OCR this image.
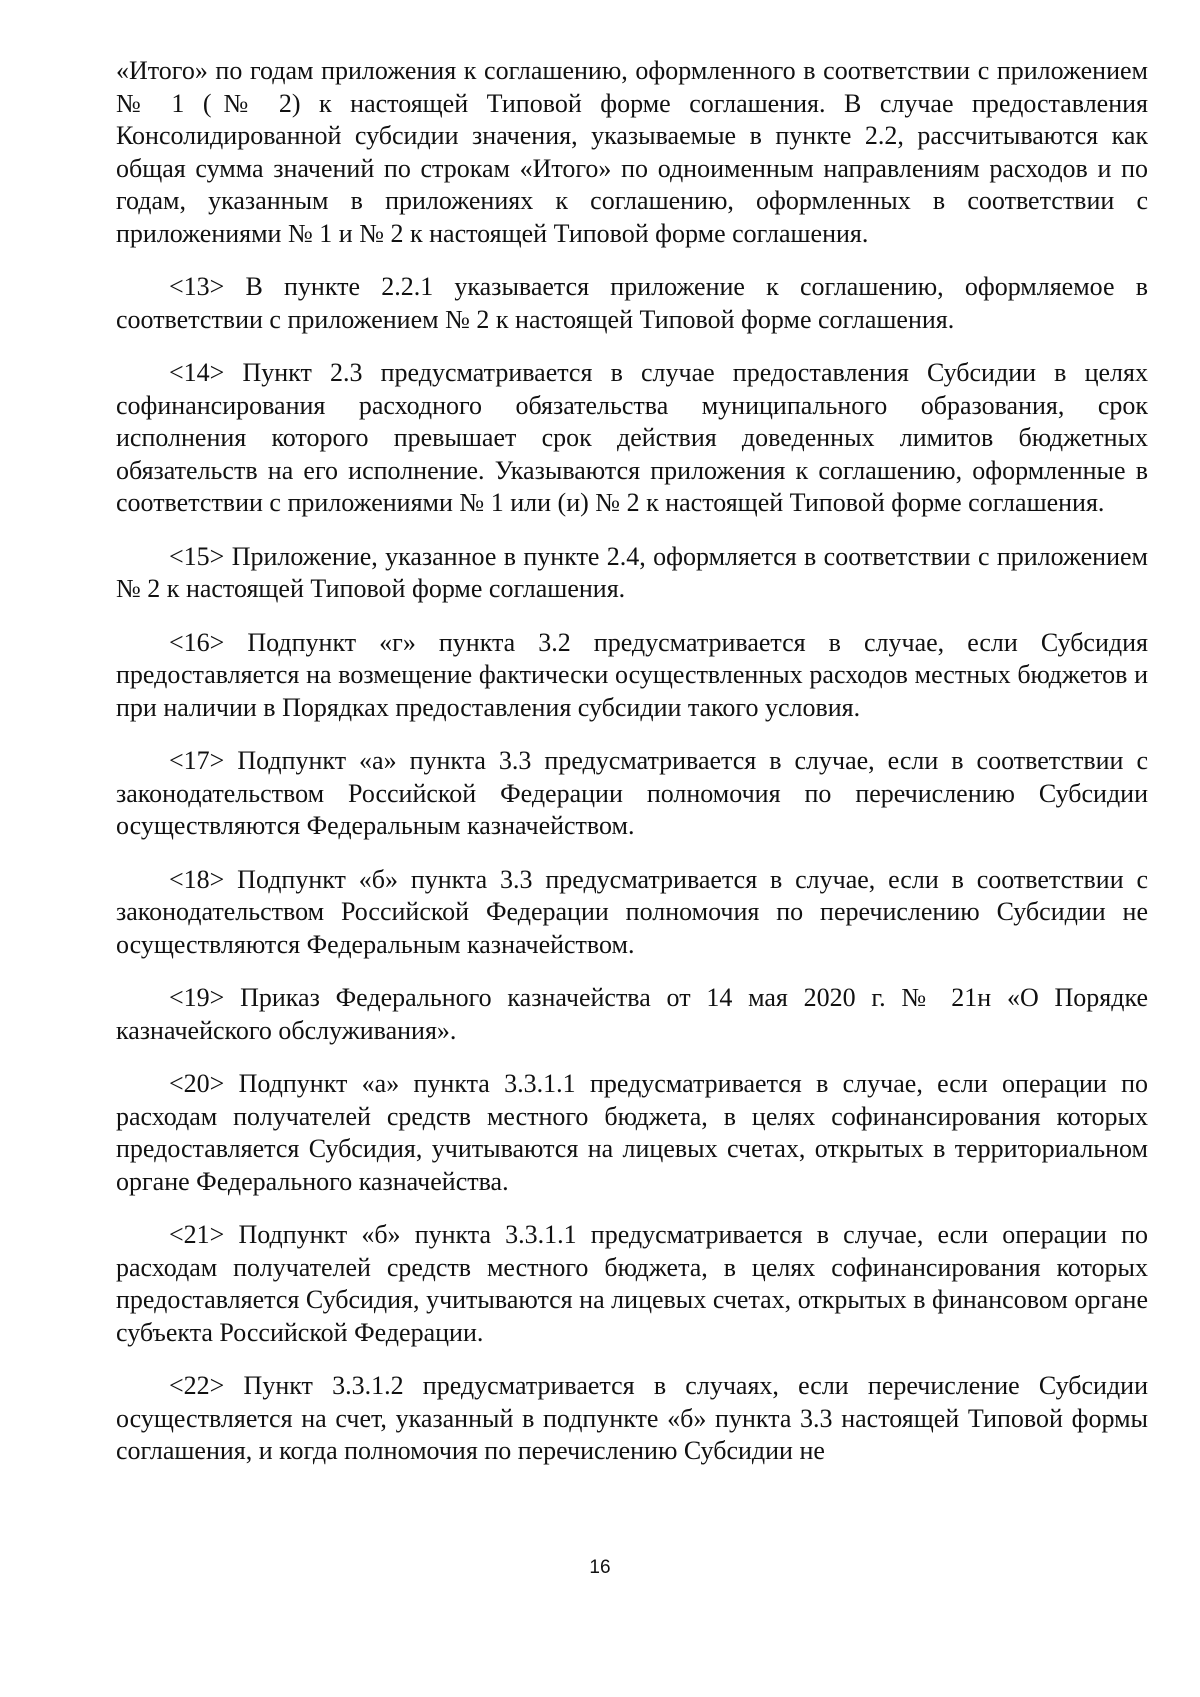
«Итого» по годам приложения к соглашению, оформленного в соответствии с приложением № 1 (№ 2) к настоящей Типовой форме соглашения. В случае предоставления Консолидированной субсидии значения, указываемые в пункте 2.2, рассчитываются как общая сумма значений по строкам «Итого» по одноименным направлениям расходов и по годам, указанным в приложениях к соглашению, оформленных в соответствии с приложениями № 1 и № 2 к настоящей Типовой форме соглашения.

<13> В пункте 2.2.1 указывается приложение к соглашению, оформляемое в соответствии с приложением № 2 к настоящей Типовой форме соглашения.

<14> Пункт 2.3 предусматривается в случае предоставления Субсидии в целях софинансирования расходного обязательства муниципального образования, срок исполнения которого превышает срок действия доведенных лимитов бюджетных обязательств на его исполнение. Указываются приложения к соглашению, оформленные в соответствии с приложениями № 1 или (и) № 2 к настоящей Типовой форме соглашения.

<15> Приложение, указанное в пункте 2.4, оформляется в соответствии с приложением № 2 к настоящей Типовой форме соглашения.

<16> Подпункт «г» пункта 3.2 предусматривается в случае, если Субсидия предоставляется на возмещение фактически осуществленных расходов местных бюджетов и при наличии в Порядках предоставления субсидии такого условия.

<17> Подпункт «а» пункта 3.3 предусматривается в случае, если в соответствии с законодательством Российской Федерации полномочия по перечислению Субсидии осуществляются Федеральным казначейством.

<18> Подпункт «б» пункта 3.3 предусматривается в случае, если в соответствии с законодательством Российской Федерации полномочия по перечислению Субсидии не осуществляются Федеральным казначейством.

<19> Приказ Федерального казначейства от 14 мая 2020 г. № 21н «О Порядке казначейского обслуживания».

<20> Подпункт «а» пункта 3.3.1.1 предусматривается в случае, если операции по расходам получателей средств местного бюджета, в целях софинансирования которых предоставляется Субсидия, учитываются на лицевых счетах, открытых в территориальном органе Федерального казначейства.

<21> Подпункт «б» пункта 3.3.1.1 предусматривается в случае, если операции по расходам получателей средств местного бюджета, в целях софинансирования которых предоставляется Субсидия, учитываются на лицевых счетах, открытых в финансовом органе субъекта Российской Федерации.

<22> Пункт 3.3.1.2 предусматривается в случаях, если перечисление Субсидии осуществляется на счет, указанный в подпункте «б» пункта 3.3 настоящей Типовой формы соглашения, и когда полномочия по перечислению Субсидии не

16
